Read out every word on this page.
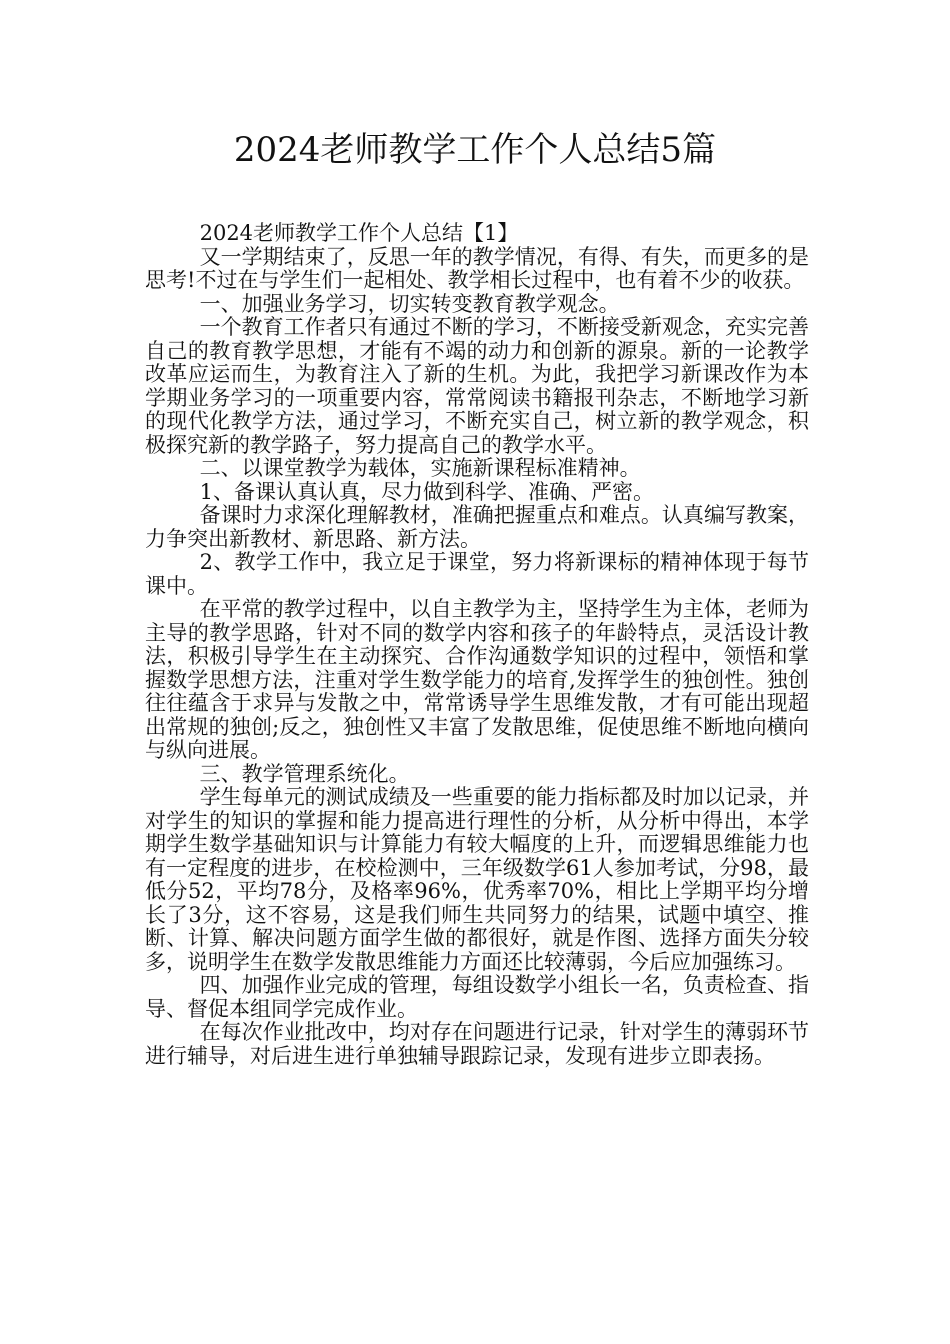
2024老师教学工作个人总结5篇

2024老师教学工作个人总结【1】

又一学期结束了，反思一年的教学情况，有得、有失，而更多的是思考!不过在与学生们一起相处、教学相长过程中，也有着不少的收获。

一、加强业务学习，切实转变教育教学观念。

一个教育工作者只有通过不断的学习，不断接受新观念，充实完善自己的教育教学思想，才能有不竭的动力和创新的源泉。新的一论教学改革应运而生，为教育注入了新的生机。为此，我把学习新课改作为本学期业务学习的一项重要内容，常常阅读书籍报刊杂志，不断地学习新的现代化教学方法，通过学习，不断充实自己，树立新的教学观念，积极探究新的教学路子，努力提高自己的教学水平。

二、以课堂教学为载体，实施新课程标准精神。

1、备课认真认真，尽力做到科学、准确、严密。

备课时力求深化理解教材，准确把握重点和难点。认真编写教案，力争突出新教材、新思路、新方法。

2、教学工作中，我立足于课堂，努力将新课标的精神体现于每节课中。

在平常的教学过程中，以自主教学为主，坚持学生为主体，老师为主导的教学思路，针对不同的数学内容和孩子的年龄特点，灵活设计教法，积极引导学生在主动探究、合作沟通数学知识的过程中，领悟和掌握数学思想方法，注重对学生数学能力的培育,发挥学生的独创性。独创往往蕴含于求异与发散之中，常常诱导学生思维发散，才有可能出现超出常规的独创;反之，独创性又丰富了发散思维，促使思维不断地向横向与纵向进展。

三、教学管理系统化。

学生每单元的测试成绩及一些重要的能力指标都及时加以记录，并对学生的知识的掌握和能力提高进行理性的分析，从分析中得出，本学期学生数学基础知识与计算能力有较大幅度的上升，而逻辑思维能力也有一定程度的进步，在校检测中，三年级数学61人参加考试，分98，最低分52，平均78分，及格率96%，优秀率70%，相比上学期平均分增长了3分，这不容易，这是我们师生共同努力的结果，试题中填空、推断、计算、解决问题方面学生做的都很好，就是作图、选择方面失分较多，说明学生在数学发散思维能力方面还比较薄弱，今后应加强练习。

四、加强作业完成的管理，每组设数学小组长一名，负责检查、指导、督促本组同学完成作业。

在每次作业批改中，均对存在问题进行记录，针对学生的薄弱环节进行辅导，对后进生进行单独辅导跟踪记录，发现有进步立即表扬。
